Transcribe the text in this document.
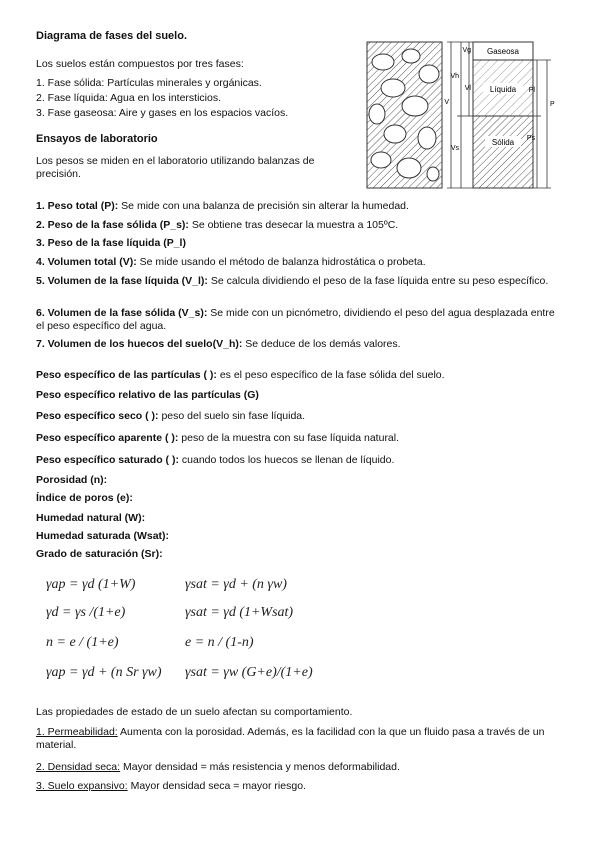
Diagrama de fases del suelo.
Los suelos están compuestos por tres fases:
1. Fase sólida: Partículas minerales y orgánicas.
2. Fase líquida: Agua en los intersticios.
3. Fase gaseosa: Aire y gases en los espacios vacíos.
Ensayos de laboratorio
Los pesos se miden en el laboratorio utilizando balanzas de precisión.
Gaseosa
Líquida
Sólida
Vg
Vh
Vl
V
Vs
Pl
P
Ps
1. Peso total (P): Se mide con una balanza de precisión sin alterar la humedad.
2. Peso de la fase sólida (P_s): Se obtiene tras desecar la muestra a 105ºC.
3. Peso de la fase líquida (P_l)
4. Volumen total (V): Se mide usando el método de balanza hidrostática o probeta.
5. Volumen de la fase líquida (V_l): Se calcula dividiendo el peso de la fase líquida entre su peso específico.
6. Volumen de la fase sólida (V_s): Se mide con un picnómetro, dividiendo el peso del agua desplazada entre el peso específico del agua.
7. Volumen de los huecos del suelo(V_h): Se deduce de los demás valores.
Peso específico de las partículas ( ): es el peso específico de la fase sólida del suelo.
Peso específico relativo de las partículas (G)
Peso específico seco ( ): peso del suelo sin fase líquida.
Peso específico aparente ( ): peso de la muestra con su fase líquida natural.
Peso específico saturado ( ): cuando todos los huecos se llenan de líquido.
Porosidad (n):
Índice de poros (e):
Humedad natural (W):
Humedad saturada (Wsat):
Grado de saturación (Sr):
γap = γd (1+W)	γsat = γd + (n γw)
γd = γs /(1+e)	γsat = γd (1+Wsat)
n = e / (1+e)	e = n / (1-n)
γap = γd + (n Sr γw) γsat = γw (G+e)/(1+e)
Las propiedades de estado de un suelo afectan su comportamiento.
1. Permeabilidad: Aumenta con la porosidad. Además, es la facilidad con la que un fluido pasa a través de un material.
2. Densidad seca: Mayor densidad = más resistencia y menos deformabilidad.
3. Suelo expansivo: Mayor densidad seca = mayor riesgo.
